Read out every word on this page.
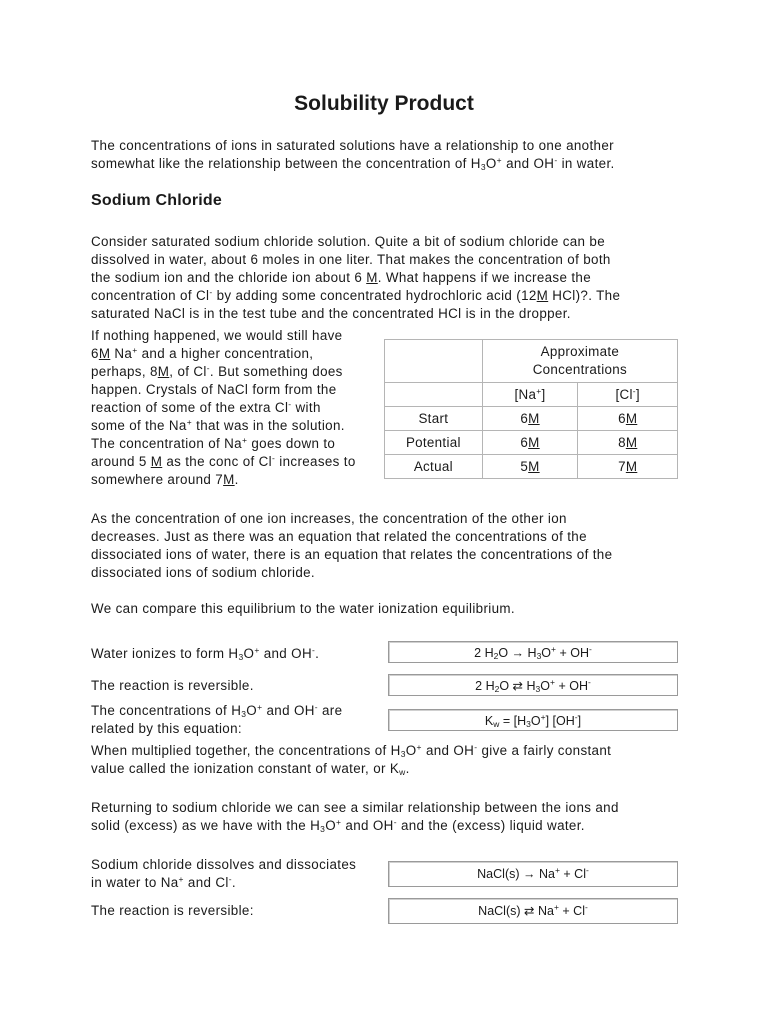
Solubility Product
The concentrations of ions in saturated solutions have a relationship to one another
somewhat like the relationship between the concentration of $H_3O^+$ and OH- in water.
Sodium Chloride
Consider saturated sodium chloride solution. Quite a bit of sodium chloride can be
dissolved in water, about 6 moles in one liter. That makes the concentration of both
the sodium ion and the chloride ion about 6 M. What happens if we increase the
concentration of Cl- by adding some concentrated hydrochloric acid (12M HCl)?. The
saturated NaCl is in the test tube and the concentrated HCl is in the dropper.
If nothing happened, we would still have
6M Na+ and a higher concentration,
perhaps, 8M, of Cl-. But something does
happen. Crystals of NaCl form from the
reaction of some of the extra Cl- with
some of the Na+ that was in the solution.
The concentration of Na+ goes down to
around 5 M as the conc of Cl- increases to
somewhere around 7M.

	Approximate
Concentrations	

	[Na+]	[Cl-]
Start	6M	6M
Potential	6M	8M
Actual	5M	7M
As the concentration of one ion increases, the concentration of the other ion
decreases. Just as there was an equation that related the concentrations of the
dissociated ions of water, there is an equation that relates the concentrations of the
dissociated ions of sodium chloride.
We can compare this equilibrium to the water ionization equilibrium.
Water ionizes to form $H_3O^+$ and OH-.	2 $H_2O \to H_3O^+ + OH^-$
The reaction is reversible.	2 $H_2O$ ⇄ $H_3O^+ + OH^-$
The concentrations of $H_3O^+$ and OH- are
related by this equation:	$K_w = [H_3O^+]$ [OH-]
When multiplied together, the concentrations of $H_3O^+$ and OH- give a fairly constant
value called the ionization constant of water, or $K_w$.
Returning to sodium chloride we can see a similar relationship between the ions and
solid (excess) as we have with the $H_3O^+$ and OH- and the (excess) liquid water.
Sodium chloride dissolves and dissociates
in water to Na+ and Cl-.
NaCl(s) → Na+ + Cl-
The reaction is reversible:	NaCl(s) ⇄ Na+ + Cl-
